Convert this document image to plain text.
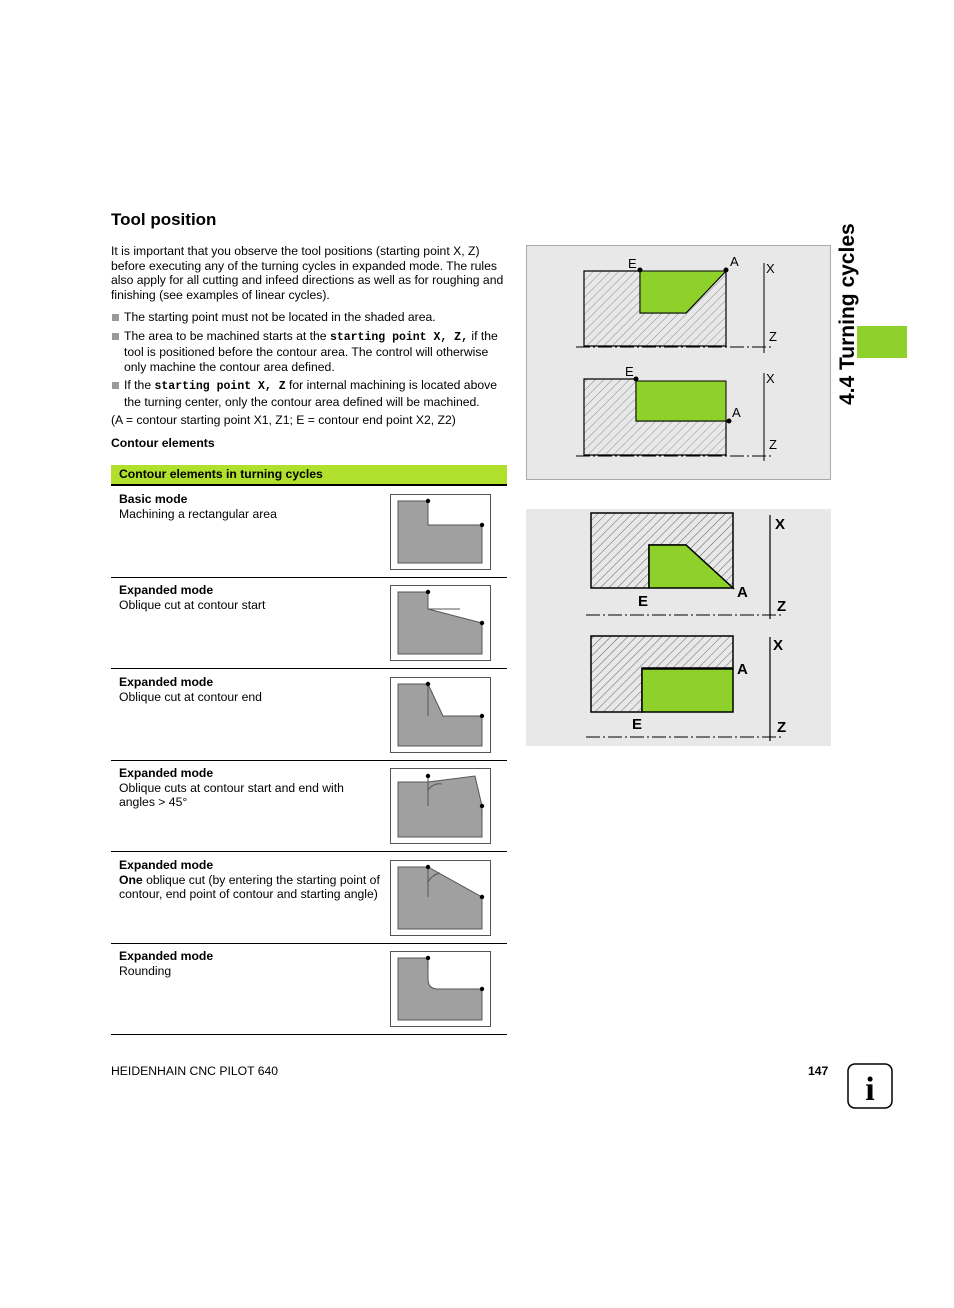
Tool position
It is important that you observe the tool positions (starting point X, Z) before executing any of the turning cycles in expanded mode. The rules also apply for all cutting and infeed directions as well as for roughing and finishing (see examples of linear cycles).
The starting point must not be located in the shaded area.
The area to be machined starts at the starting point X, Z, if the tool is positioned before the contour area. The control will otherwise only machine the contour area defined.
If the starting point X, Z for internal machining is located above the turning center, only the contour area defined will be machined.
(A = contour starting point X1, Z1; E = contour end point X2, Z2)
Contour elements
Contour elements in turning cycles
Basic mode
Machining a rectangular area
Expanded mode
Oblique cut at contour start
Expanded mode
Oblique cut at contour end
Expanded mode
Oblique cuts at contour start and end with angles > 45°
Expanded mode
One oblique cut (by entering the starting point of contour, end point of contour and starting angle)
Expanded mode
Rounding
E	A X
Z
E
A
X
Z
X
A
E	Z
X
A
E	Z
4.4 Turning cycles
HEIDENHAIN CNC PILOT 640	147 i
